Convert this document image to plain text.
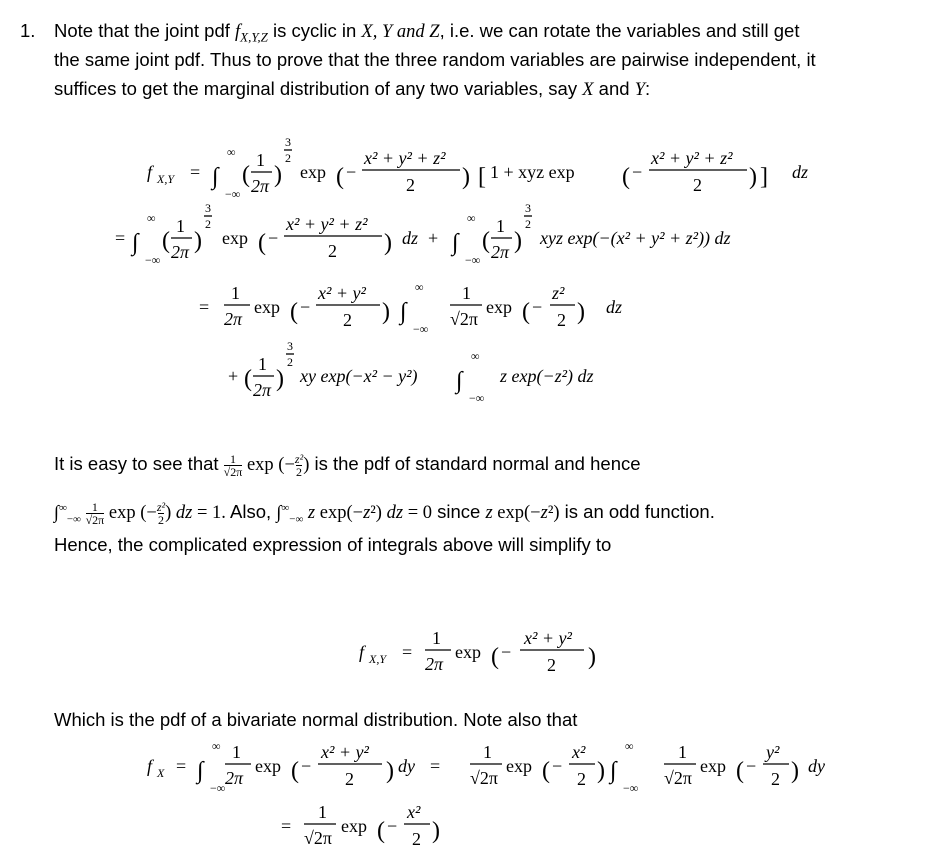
1. Note that the joint pdf $f_{X,Y,Z}$ is cyclic in X, Y and Z, i.e. we can rotate the variables and still get
the same joint pdf. Thus to prove that the three random variables are pairwise independent, it
suffices to get the marginal distribution of any two variables, say X and Y:
f X,Y = ∫
∞
−∞
(
1
2π )
3
2
exp ( −
x² + y² + z²
2 ) [ 1 + xyz exp ( −
x² + y² + z²
2 ) ] dz
= ∫
∞
−∞
(
1
2π )
3
2
exp ( −
x² + y² + z²
2 ) dz + ∫
∞
−∞
(
1
2π )
3
2
xyz exp(−(x² + y² + z²)) dz
=
1
2π
exp ( −
x² + y²
2 ) ∫
∞
−∞
1
√2π
exp ( −
z²
2 ) dz
+ (
1
2π )
3
2
xy exp(−x² − y²) ∫
∞
−∞
z exp(−z²) dz
It is easy to see that $\frac{1}{√2\pi}$ $\exp (-\frac{\text{z²}}{2})$ is the pdf of standard normal and hence
$\int^\infty_{-\infty} \frac{1}{√2\pi}$ $\exp (-\frac{\text{z²}}{2})$ dz = 1. Also, $\int^\infty_{-\infty}$ z exp(−z²) dz = 0 since z exp(−z²) is an odd function.
Hence, the complicated expression of integrals above will simplify to
f X,Y =
1
2π
exp ( −
x² + y²
2 )
Which is the pdf of a bivariate normal distribution. Note also that
f X = ∫
∞
−∞
1
2π
exp ( −
x² + y²
2 ) dy =
1
√2π
exp ( −
x²
2 ) ∫
∞
−∞
1
√2π
exp ( −
y²
2 ) dy
=
1
√2π
exp ( −
x²
2 )
